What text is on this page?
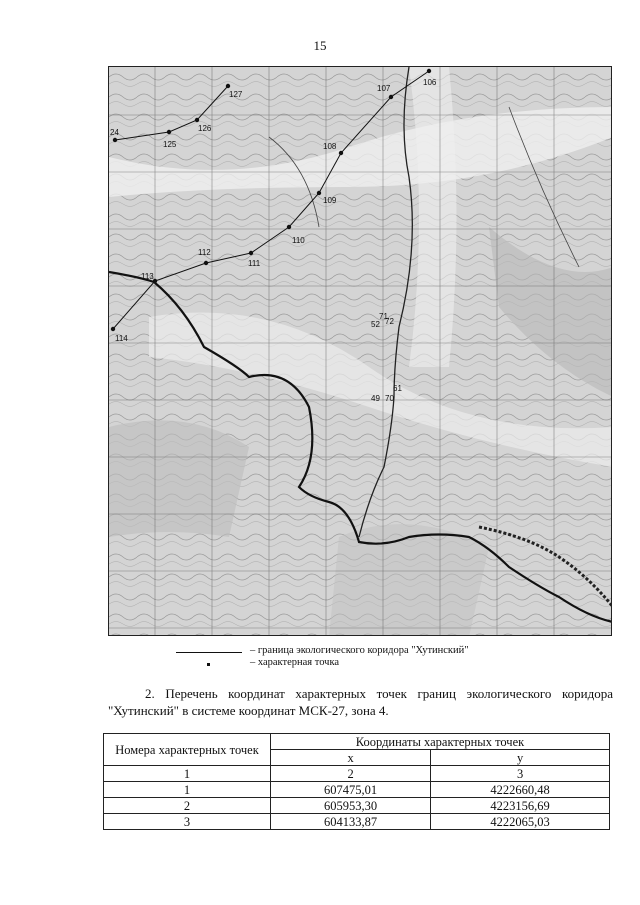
15
24
125
126
127
107
106
108
109
110
111
112
113
114
52
71
72
49
61
70
– граница экологического коридора "Хутинский"
– характерная точка
2. Перечень координат характерных точек границ экологического коридора "Хутинский" в системе координат МСК-27, зона 4.
Номера характерных точек	Координаты характерных точек	
	x	y
1	2	3
1	607475,01	4222660,48
2	605953,30	4223156,69
3	604133,87	4222065,03
